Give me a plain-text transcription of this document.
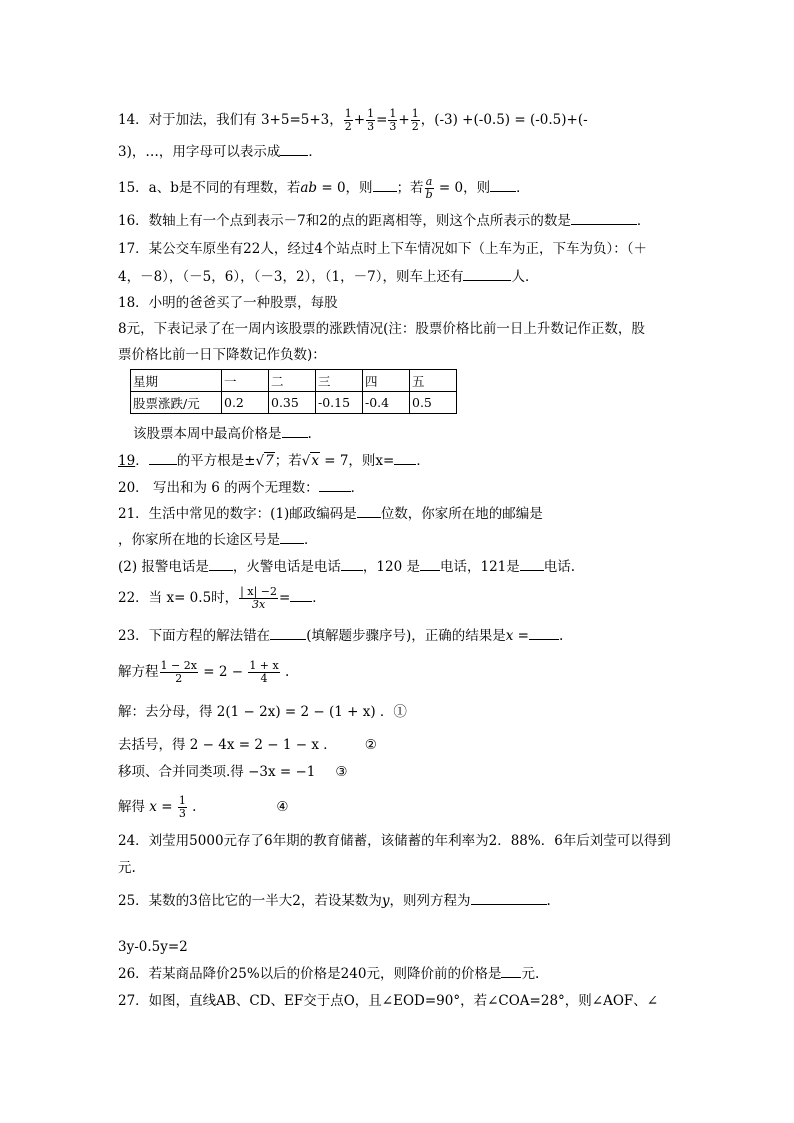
14．对于加法，我们有 3+5=5+3， $\frac{1}{2} + \frac{1}{3} = \frac{1}{3} + \frac{1}{2}$ ，(-3) +(-0.5) = (-0.5)+(-
3)，…，用字母可以表示成 ．
15．a、b是不同的有理数，若ab = 0，则 ；若 $\frac{a}{b} = 0$，则 ．
16．数轴上有一个点到表示－7和2的点的距离相等，则这个点所表示的数是	．
17．某公交车原坐有22人，经过4个站点时上下车情况如下（上车为正，下车为负）：（＋
4，－8），（－5，6），（－3，2），（1，－7），则车上还有	人．
18．小明的爸爸买了一种股票，每股
8元，下表记录了在一周内该股票的涨跌情况(注：股票价格比前一日上升数记作正数，股
票价格比前一日下降数记作负数)：
星期	一	二	三	四	五
股票涨跌/元	0.2	0.35	-0.15	-0.4	0.5
该股票本周中最高价格是 .
19． 的平方根是±√7；若√x = 7，则x= ．
20． 写出和为 6 的两个无理数： ．
21．生活中常见的数字：(1)邮政编码是 位数，你家所在地的邮编是
，你家所在地的长途区号是 ．
(2) 报警电话是 ，火警电话是电话 ，120 是 电话，121是 电话.
22．当 x= 0.5时， $\frac{| x| -2}{3x}$ = ．
23．下面方程的解法错在	(填解题步骤序号)，正确的结果是x = .
解方程 $\frac{1 - 2x}{2} = 2 - \frac{1 + x}{4}$ .
解：去分母，得 2(1 − 2x) = 2 − (1 + x) ．①
去括号，得 2 − 4x = 2 − 1 − x ． ②
移项、合并同类项.得 −3x = −1 ③
解得 $x = \frac{1}{3}$ .	④
24．刘莹用5000元存了6年期的教育储蓄，该储蓄的年利率为2．88%．6年后刘莹可以得到
元.
25．某数的3倍比它的一半大2，若设某数为y，则列方程为	.
3y-0.5y=2
26．若某商品降价25%以后的价格是240元，则降价前的价格是 元.
27．如图，直线AB、CD、EF交于点O，且∠EOD=90°，若∠COA=28°，则∠AOF、∠
